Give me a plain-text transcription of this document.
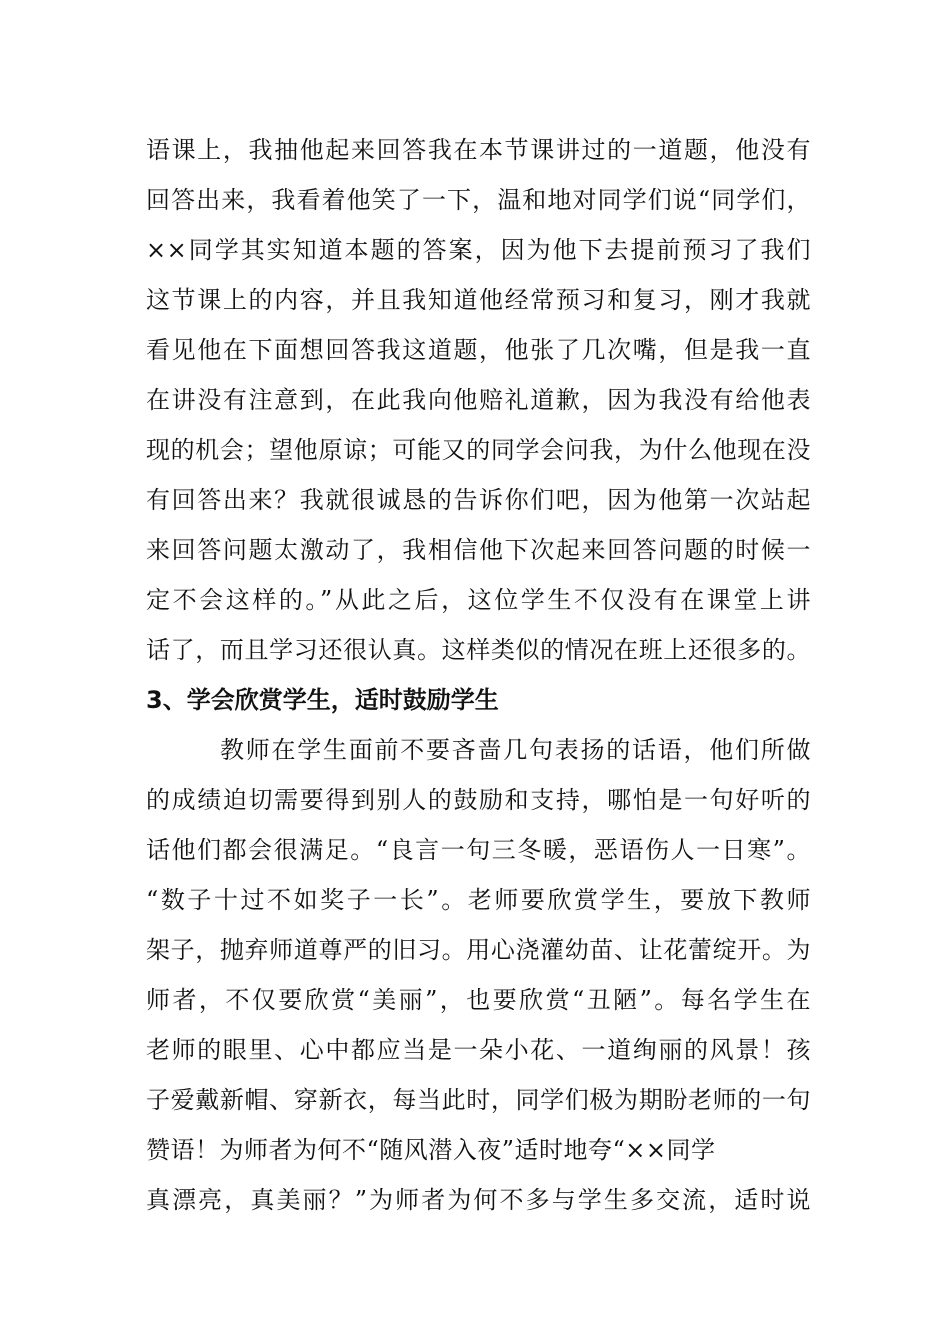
语课上，我抽他起来回答我在本节课讲过的一道题，他没有
回答出来，我看着他笑了一下，温和地对同学们说“同学们，
××同学其实知道本题的答案，因为他下去提前预习了我们
这节课上的内容，并且我知道他经常预习和复习，刚才我就
看见他在下面想回答我这道题，他张了几次嘴，但是我一直
在讲没有注意到，在此我向他赔礼道歉，因为我没有给他表
现的机会；望他原谅；可能又的同学会问我，为什么他现在没
有回答出来？我就很诚恳的告诉你们吧，因为他第一次站起
来回答问题太激动了，我相信他下次起来回答问题的时候一
定不会这样的。”从此之后，这位学生不仅没有在课堂上讲
话了，而且学习还很认真。这样类似的情况在班上还很多的。
3、学会欣赏学生，适时鼓励学生
教师在学生面前不要吝啬几句表扬的话语，他们所做
的成绩迫切需要得到别人的鼓励和支持，哪怕是一句好听的
话他们都会很满足。“良言一句三冬暖，恶语伤人一日寒”。
“数子十过不如奖子一长”。老师要欣赏学生，要放下教师
架子，抛弃师道尊严的旧习。用心浇灌幼苗、让花蕾绽开。为
师者，不仅要欣赏“美丽”，也要欣赏“丑陋”。每名学生在
老师的眼里、心中都应当是一朵小花、一道绚丽的风景！孩
子爱戴新帽、穿新衣，每当此时，同学们极为期盼老师的一句
赞语！为师者为何不“随风潜入夜”适时地夸“××同学
真漂亮，真美丽？”为师者为何不多与学生多交流，适时说
